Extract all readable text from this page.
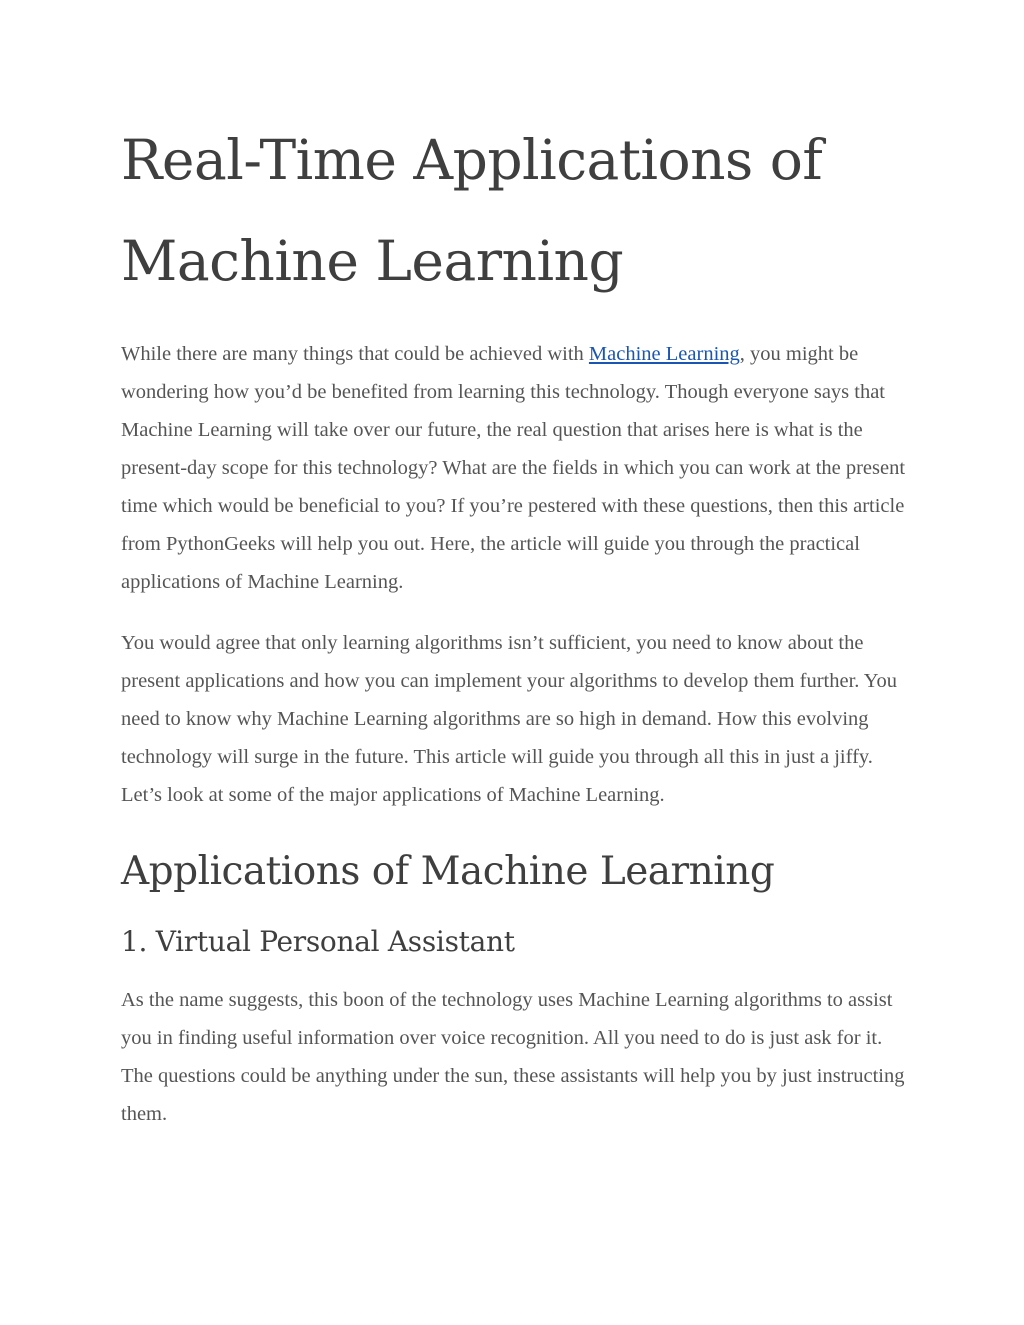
Real-Time Applications of Machine Learning

While there are many things that could be achieved with Machine Learning, you might be wondering how you’d be benefited from learning this technology. Though everyone says that Machine Learning will take over our future, the real question that arises here is what is the present-day scope for this technology? What are the fields in which you can work at the present time which would be beneficial to you? If you’re pestered with these questions, then this article from PythonGeeks will help you out. Here, the article will guide you through the practical applications of Machine Learning.

You would agree that only learning algorithms isn’t sufficient, you need to know about the present applications and how you can implement your algorithms to develop them further. You need to know why Machine Learning algorithms are so high in demand. How this evolving technology will surge in the future. This article will guide you through all this in just a jiffy. Let’s look at some of the major applications of Machine Learning.

Applications of Machine Learning
1. Virtual Personal Assistant

As the name suggests, this boon of the technology uses Machine Learning algorithms to assist you in finding useful information over voice recognition. All you need to do is just ask for it. The questions could be anything under the sun, these assistants will help you by just instructing them.
